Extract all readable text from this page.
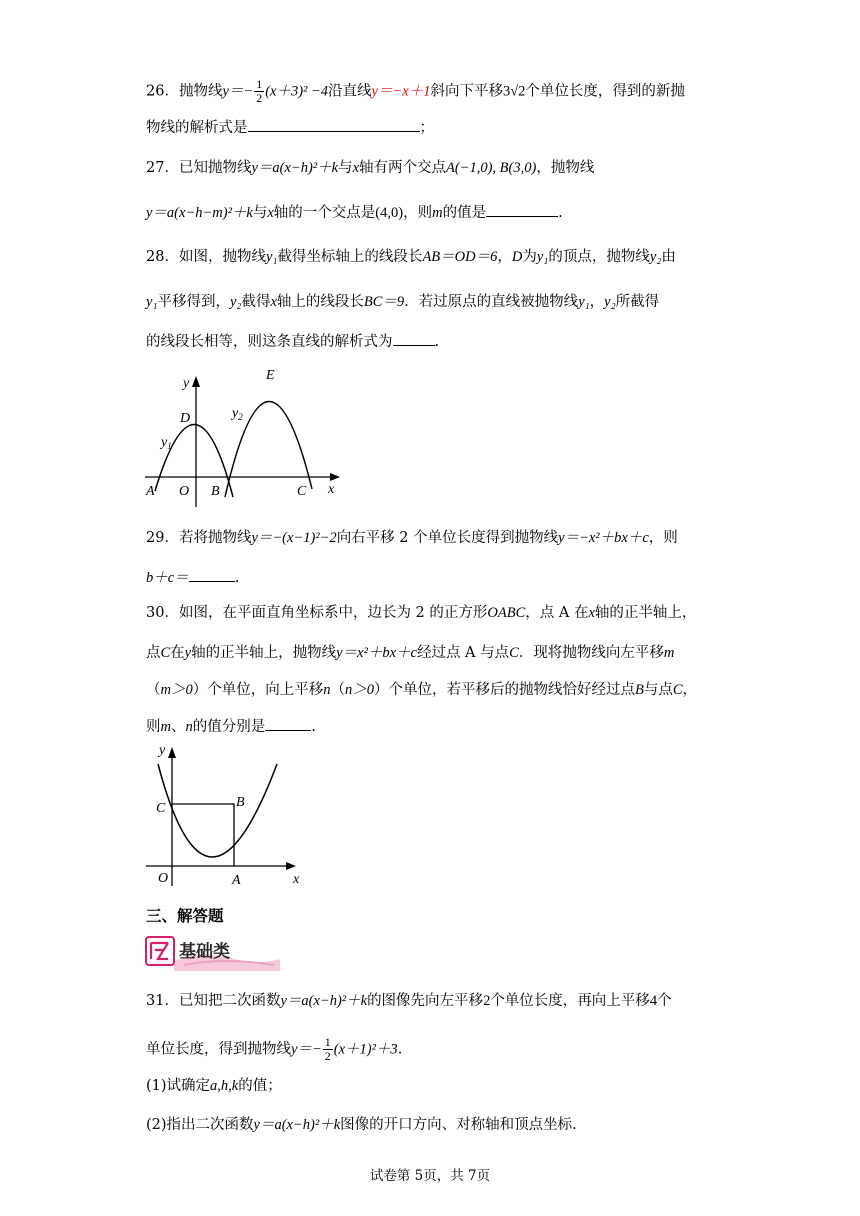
26．抛物线$y=- \frac{1}{2} (x+3)^2 -4$沿直线y＝−x＋1斜向下平移3√2个单位长度，得到的新抛
物线的解析式是	；
27．已知抛物线y＝a(x−h)²＋k与x轴有两个交点A(−1,0), B(3,0)，抛物线
y＝a(x−h−m)²＋k与x轴的一个交点是(4,0)，则m的值是	.
28．如图，抛物线y₁截得坐标轴上的线段长AB＝OD＝6，D为y₁的顶点，抛物线y₂由
y₁平移得到，y₂截得x轴上的线段长BC＝9．若过原点的直线被抛物线y₁，y₂所截得
的线段长相等，则这条直线的解析式为	.
y
x
D
E
$y_1$
$y_2$
A O B	C
29．若将抛物线y＝−(x−1)²−2向右平移 2 个单位长度得到抛物线y＝−x²＋bx＋c，则
b＋c＝	.
30．如图，在平面直角坐标系中，边长为 2 的正方形OABC，点 A 在x轴的正半轴上，
点C在y轴的正半轴上，抛物线y＝x²＋bx＋c经过点 A 与点C．现将抛物线向左平移m
（m＞0）个单位，向上平移n（n＞0）个单位，若平移后的抛物线恰好经过点B与点C，
则m、n的值分别是	.
y
x
C	B
O	A
三、解答题
基础类
31．已知把二次函数y＝a(x−h)²＋k的图像先向左平移2个单位长度，再向上平移4个
单位长度，得到抛物线$y=- \frac{1}{2} (x+1)^2+3$.
(1)试确定a,h,k的值；
(2)指出二次函数y＝a(x−h)²＋k图像的开口方向、对称轴和顶点坐标.
试卷第 5页，共 7页
